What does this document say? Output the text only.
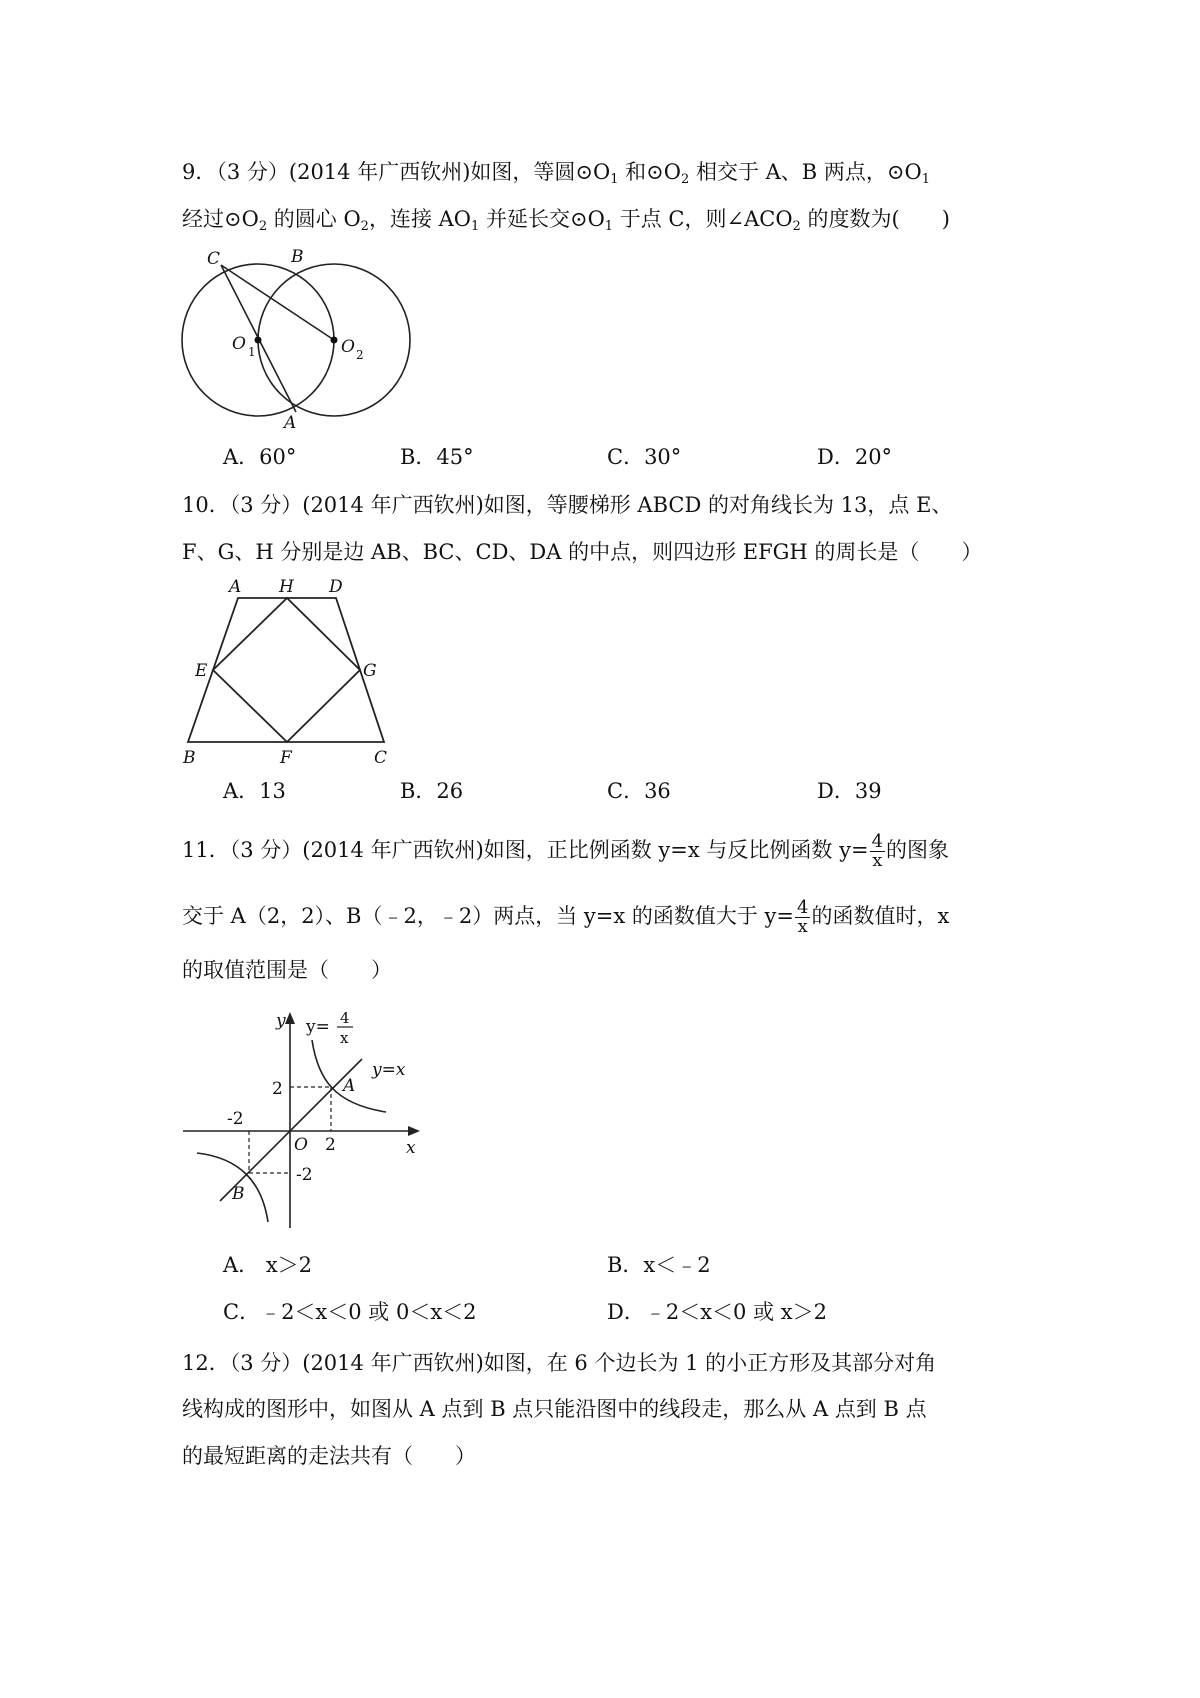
9．（3 分）(2014 年广西钦州)如图，等圆$⊙O_1$ 和$⊙O_2$ 相交于 A、B 两点，$⊙O_1$
经过$⊙O_2$ 的圆心 $O_2$，连接 $AO_1$ 并延长交$⊙O_1$ 于点 C，则$\angle ACO_2$ 的度数为(　　)
C	B
O 1	O 2
A
A．60°	B．45°	C．30°	D．20°
10．（3 分）(2014 年广西钦州)如图，等腰梯形 ABCD 的对角线长为 13，点 E、
F、G、H 分别是边 AB、BC、CD、DA 的中点，则四边形 EFGH 的周长是（　　）
A H D
E	G
B	F	C
A．13	B．26	C．36	D．39
11．（3 分）(2014 年广西钦州)如图，正比例函数 y=x 与反比例函数 $y= \frac{4}{x}$ 的图象
交于 A（2，2）、B（﹣2，﹣2）两点，当 y=x 的函数值大于 $y= \frac{4}{x}$ 的函数值时，x
的取值范围是（　　）
y y= 4
x
y=x
2	A
-2
O 2	x
-2
B
A． x＞2	B．x＜﹣2
C．﹣2＜x＜0 或 0＜x＜2	D．﹣2＜x＜0 或 x＞2
12．（3 分）(2014 年广西钦州)如图，在 6 个边长为 1 的小正方形及其部分对角
线构成的图形中，如图从 A 点到 B 点只能沿图中的线段走，那么从 A 点到 B 点
的最短距离的走法共有（　　）
